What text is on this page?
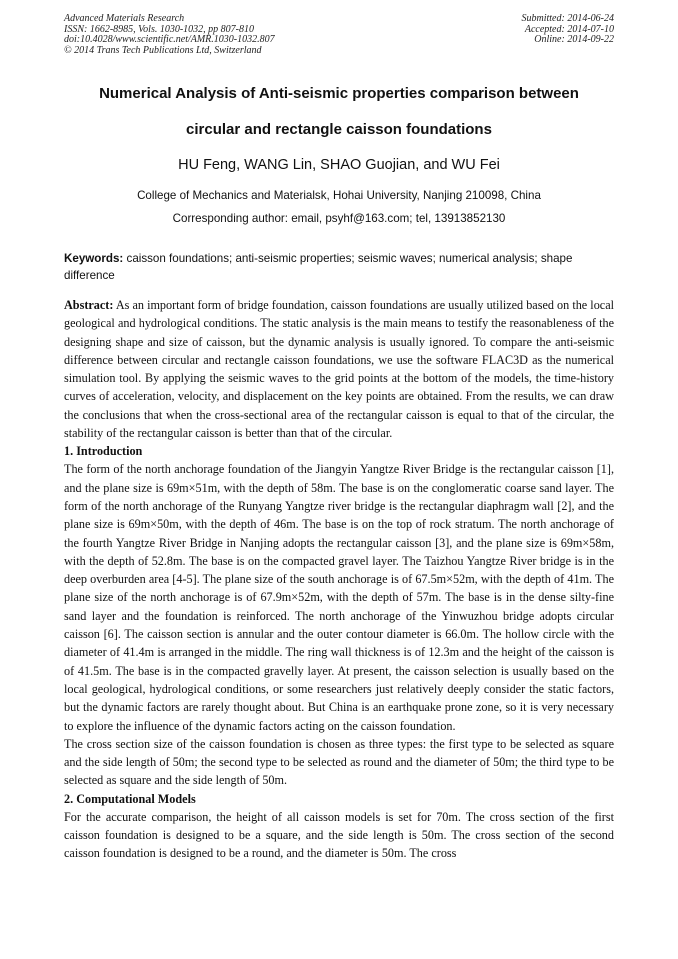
Advanced Materials Research
ISSN: 1662-8985, Vols. 1030-1032, pp 807-810
doi:10.4028/www.scientific.net/AMR.1030-1032.807
© 2014 Trans Tech Publications Ltd, Switzerland
Submitted: 2014-06-24
Accepted: 2014-07-10
Online: 2014-09-22
Numerical Analysis of Anti-seismic properties comparison between
circular and rectangle caisson foundations
HU Feng, WANG Lin, SHAO Guojian, and WU Fei
College of Mechanics and Materialsk, Hohai University, Nanjing 210098, China
Corresponding author: email, psyhf@163.com; tel, 13913852130
Keywords: caisson foundations; anti-seismic properties; seismic waves; numerical analysis; shape difference
Abstract: As an important form of bridge foundation, caisson foundations are usually utilized based on the local geological and hydrological conditions. The static analysis is the main means to testify the reasonableness of the designing shape and size of caisson, but the dynamic analysis is usually ignored. To compare the anti-seismic difference between circular and rectangle caisson foundations, we use the software FLAC3D as the numerical simulation tool. By applying the seismic waves to the grid points at the bottom of the models, the time-history curves of acceleration, velocity, and displacement on the key points are obtained. From the results, we can draw the conclusions that when the cross-sectional area of the rectangular caisson is equal to that of the circular, the stability of the rectangular caisson is better than that of the circular.
1. Introduction

The form of the north anchorage foundation of the Jiangyin Yangtze River Bridge is the rectangular caisson [1], and the plane size is 69m×51m, with the depth of 58m. The base is on the conglomeratic coarse sand layer. The form of the north anchorage of the Runyang Yangtze river bridge is the rectangular diaphragm wall [2], and the plane size is 69m×50m, with the depth of 46m. The base is on the top of rock stratum. The north anchorage of the fourth Yangtze River Bridge in Nanjing adopts the rectangular caisson [3], and the plane size is 69m×58m, with the depth of 52.8m. The base is on the compacted gravel layer. The Taizhou Yangtze River bridge is in the deep overburden area [4-5]. The plane size of the south anchorage is of 67.5m×52m, with the depth of 41m. The plane size of the north anchorage is of 67.9m×52m, with the depth of 57m. The base is in the dense silty-fine sand layer and the foundation is reinforced. The north anchorage of the Yinwuzhou bridge adopts circular caisson [6]. The caisson section is annular and the outer contour diameter is 66.0m. The hollow circle with the diameter of 41.4m is arranged in the middle. The ring wall thickness is of 12.3m and the height of the caisson is of 41.5m. The base is in the compacted gravelly layer. At present, the caisson selection is usually based on the local geological, hydrological conditions, or some researchers just relatively deeply consider the static factors, but the dynamic factors are rarely thought about. But China is an earthquake prone zone, so it is very necessary to explore the influence of the dynamic factors acting on the caisson foundation.

The cross section size of the caisson foundation is chosen as three types: the first type to be selected as square and the side length of 50m; the second type to be selected as round and the diameter of 50m; the third type to be selected as square and the side length of 50m.

2. Computational Models

For the accurate comparison, the height of all caisson models is set for 70m. The cross section of the first caisson foundation is designed to be a square, and the side length is 50m. The cross section of the second caisson foundation is designed to be a round, and the diameter is 50m. The cross
